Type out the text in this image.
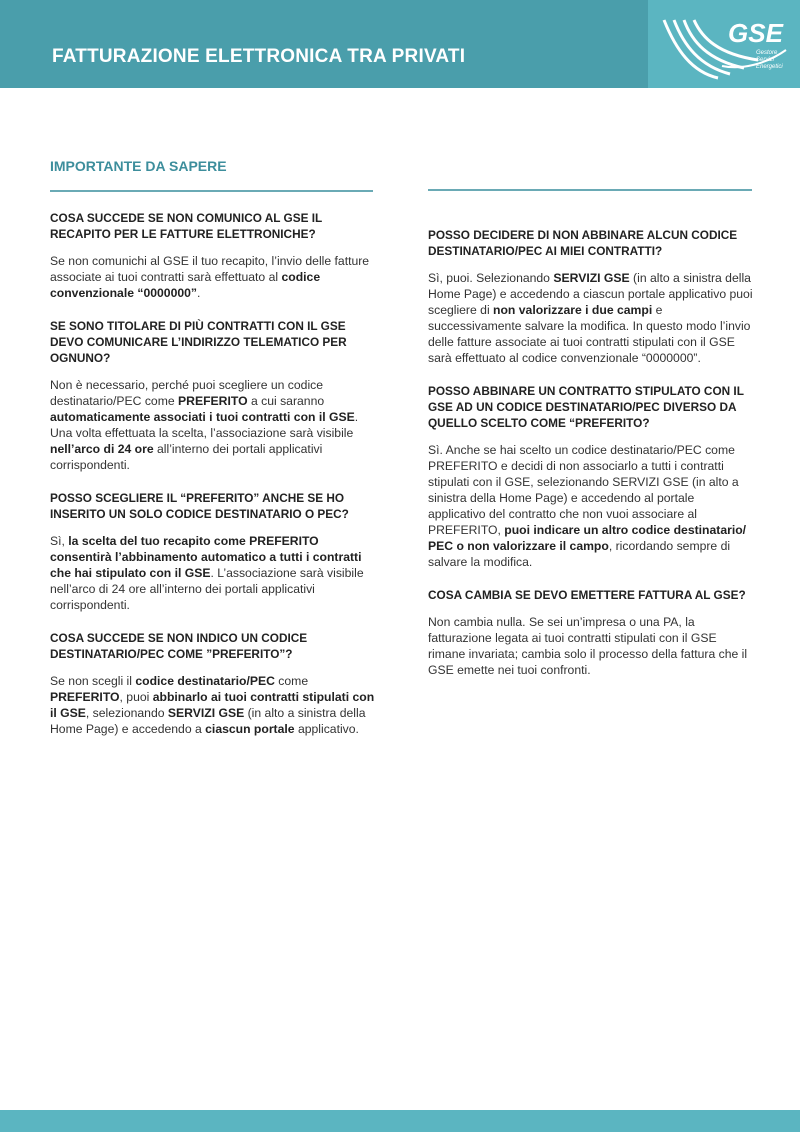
FATTURAZIONE ELETTRONICA TRA PRIVATI
GSE
Gestore Servizi Energetici
IMPORTANTE DA SAPERE

COSA SUCCEDE SE NON COMUNICO AL GSE IL RECAPITO PER LE FATTURE ELETTRONICHE?

Se non comunichi al GSE il tuo recapito, l’invio delle fatture associate ai tuoi contratti sarà effettuato al codice convenzionale “0000000”.

SE SONO TITOLARE DI PIÙ CONTRATTI CON IL GSE DEVO COMUNICARE L’INDIRIZZO TELEMATICO PER OGNUNO?

Non è necessario, perché puoi scegliere un codice destinatario/PEC come PREFERITO a cui saranno automaticamente associati i tuoi contratti con il GSE. Una volta effettuata la scelta, l’associazione sarà visibile nell’arco di 24 ore all’interno dei portali applicativi corrispondenti.

POSSO SCEGLIERE IL “PREFERITO” ANCHE SE HO INSERITO UN SOLO CODICE DESTINATARIO O PEC?

Sì, la scelta del tuo recapito come PREFERITO consentirà l’abbinamento automatico a tutti i contratti che hai stipulato con il GSE. L’associazione sarà visibile nell’arco di 24 ore all’interno dei portali applicativi corrispondenti.

COSA SUCCEDE SE NON INDICO UN CODICE DESTINATARIO/PEC COME ”PREFERITO”?

Se non scegli il codice destinatario/PEC come PREFERITO, puoi abbinarlo ai tuoi contratti stipulati con il GSE, selezionando SERVIZI GSE (in alto a sinistra della Home Page) e accedendo a ciascun portale applicativo.

POSSO DECIDERE DI NON ABBINARE ALCUN CODICE DESTINATARIO/PEC AI MIEI CONTRATTI?

Sì, puoi. Selezionando SERVIZI GSE (in alto a sinistra della Home Page) e accedendo a ciascun portale applicativo puoi scegliere di non valorizzare i due campi e successivamente salvare la modifica. In questo modo l’invio delle fatture associate ai tuoi contratti stipulati con il GSE sarà effettuato al codice convenzionale “0000000”.

POSSO ABBINARE UN CONTRATTO STIPULATO CON IL GSE AD UN CODICE DESTINATARIO/PEC DIVERSO DA QUELLO SCELTO COME “PREFERITO?

Sì. Anche se hai scelto un codice destinatario/PEC come PREFERITO e decidi di non associarlo a tutti i contratti stipulati con il GSE, selezionando SERVIZI GSE (in alto a sinistra della Home Page) e accedendo al portale applicativo del contratto che non vuoi associare al PREFERITO, puoi indicare un altro codice destinatario/ PEC o non valorizzare il campo, ricordando sempre di salvare la modifica.

COSA CAMBIA SE DEVO EMETTERE FATTURA AL GSE?

Non cambia nulla. Se sei un’impresa o una PA, la fatturazione legata ai tuoi contratti stipulati con il GSE rimane invariata; cambia solo il processo della fattura che il GSE emette nei tuoi confronti.
